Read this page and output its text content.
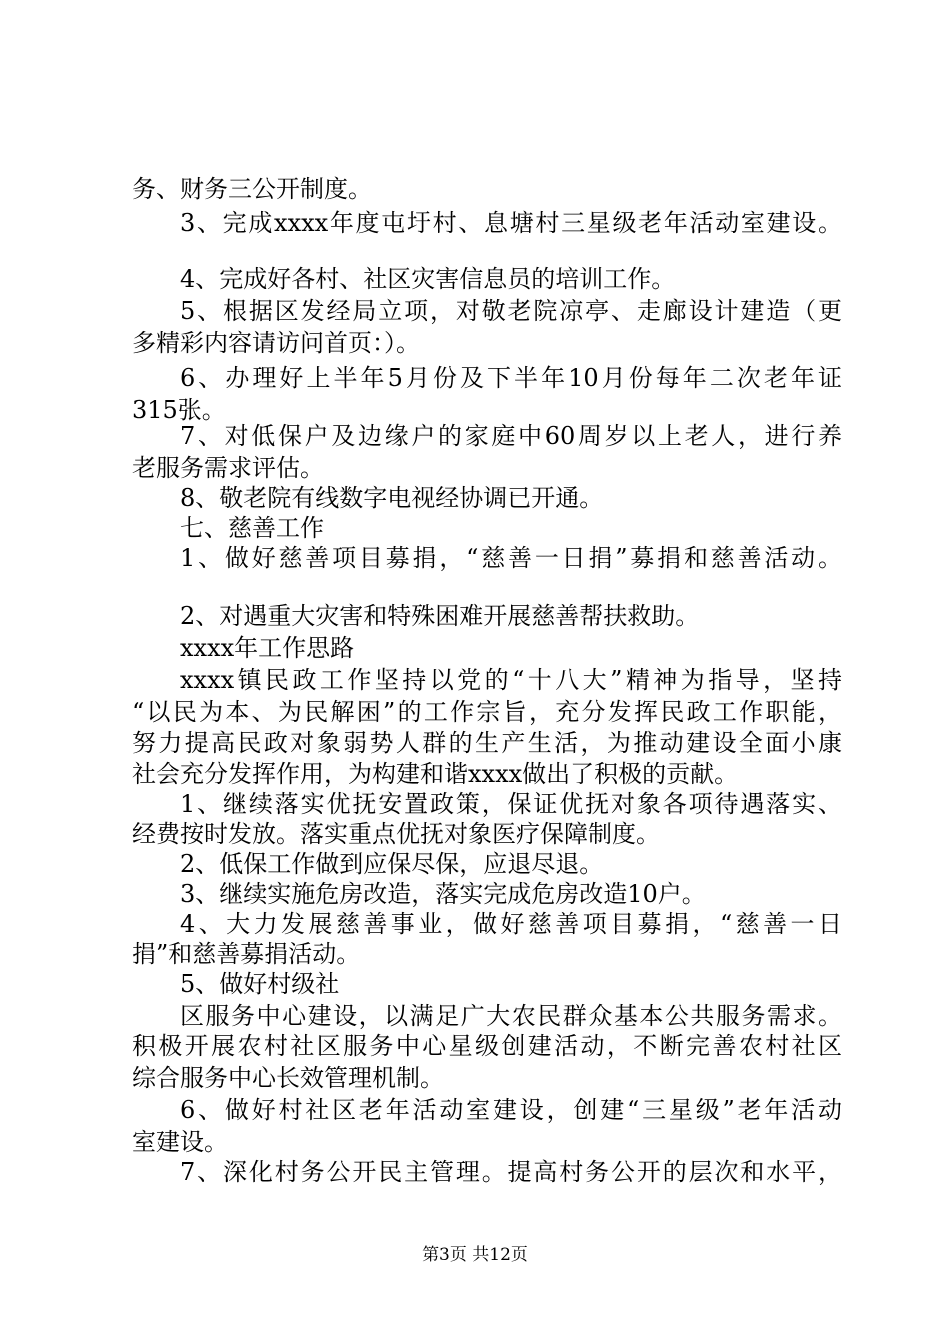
务、财务三公开制度。
3、完成xxxx年度屯圩村、息塘村三星级老年活动室建设。
4、完成好各村、社区灾害信息员的培训工作。
5、根据区发经局立项，对敬老院凉亭、走廊设计建造（更
多精彩内容请访问首页：）。
6、办理好上半年5月份及下半年10月份每年二次老年证
315张。
7、对低保户及边缘户的家庭中60周岁以上老人，进行养
老服务需求评估。
8、敬老院有线数字电视经协调已开通。
七、慈善工作
1、做好慈善项目募捐，“慈善一日捐”募捐和慈善活动。
2、对遇重大灾害和特殊困难开展慈善帮扶救助。
xxxx年工作思路
xxxx镇民政工作坚持以党的“十八大”精神为指导，坚持
“以民为本、为民解困”的工作宗旨，充分发挥民政工作职能，
努力提高民政对象弱势人群的生产生活，为推动建设全面小康
社会充分发挥作用，为构建和谐xxxx做出了积极的贡献。
1、继续落实优抚安置政策，保证优抚对象各项待遇落实、
经费按时发放。落实重点优抚对象医疗保障制度。
2、低保工作做到应保尽保，应退尽退。
3、继续实施危房改造，落实完成危房改造10户。
4、大力发展慈善事业，做好慈善项目募捐，“慈善一日
捐”和慈善募捐活动。
5、做好村级社
区服务中心建设，以满足广大农民群众基本公共服务需求。
积极开展农村社区服务中心星级创建活动，不断完善农村社区
综合服务中心长效管理机制。
6、做好村社区老年活动室建设，创建“三星级”老年活动
室建设。
7、深化村务公开民主管理。提高村务公开的层次和水平，
第3页 共12页
